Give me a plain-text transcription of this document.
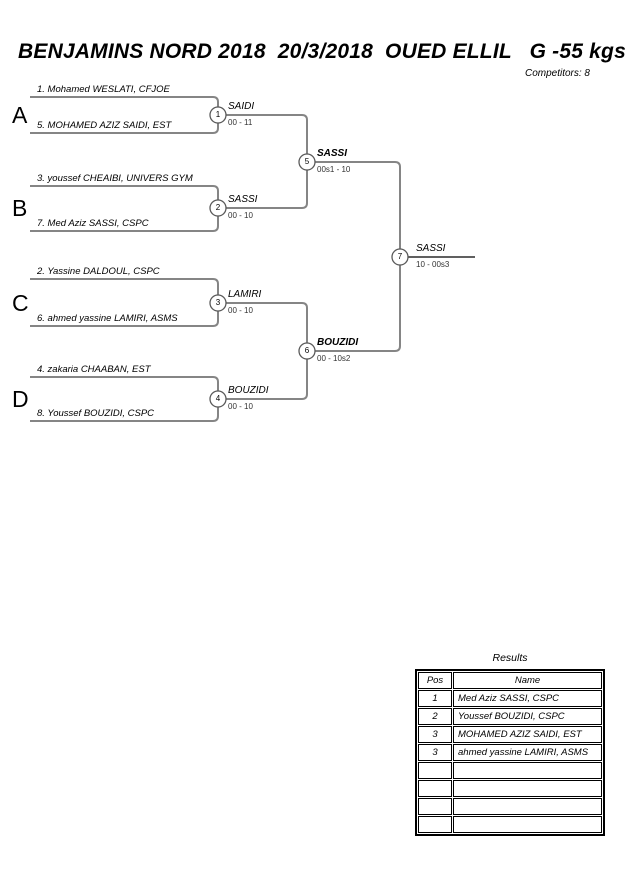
BENJAMINS NORD 2018  20/3/2018  OUED ELLIL   G -55 kgs
Competitors: 8
A
B
C
D
1. Mohamed WESLATI, CFJOE
5. MOHAMED AZIZ SAIDI, EST
3. youssef CHEAIBI, UNIVERS GYM
7. Med Aziz SASSI, CSPC
2. Yassine DALDOUL, CSPC
6. ahmed yassine LAMIRI, ASMS
4. zakaria CHAABAN, EST
8. Youssef BOUZIDI, CSPC
1
2
3
4
5
6
7
SAIDI
00 - 11
SASSI
00 - 10
LAMIRI
00 - 10
BOUZIDI
00 - 10
SASSI
00s1 - 10
BOUZIDI
00 - 10s2
SASSI
10 - 00s3
Results
Pos	Name
1	Med Aziz SASSI, CSPC
2	Youssef BOUZIDI, CSPC
3	MOHAMED AZIZ SAIDI, EST
3	ahmed yassine LAMIRI, ASMS
